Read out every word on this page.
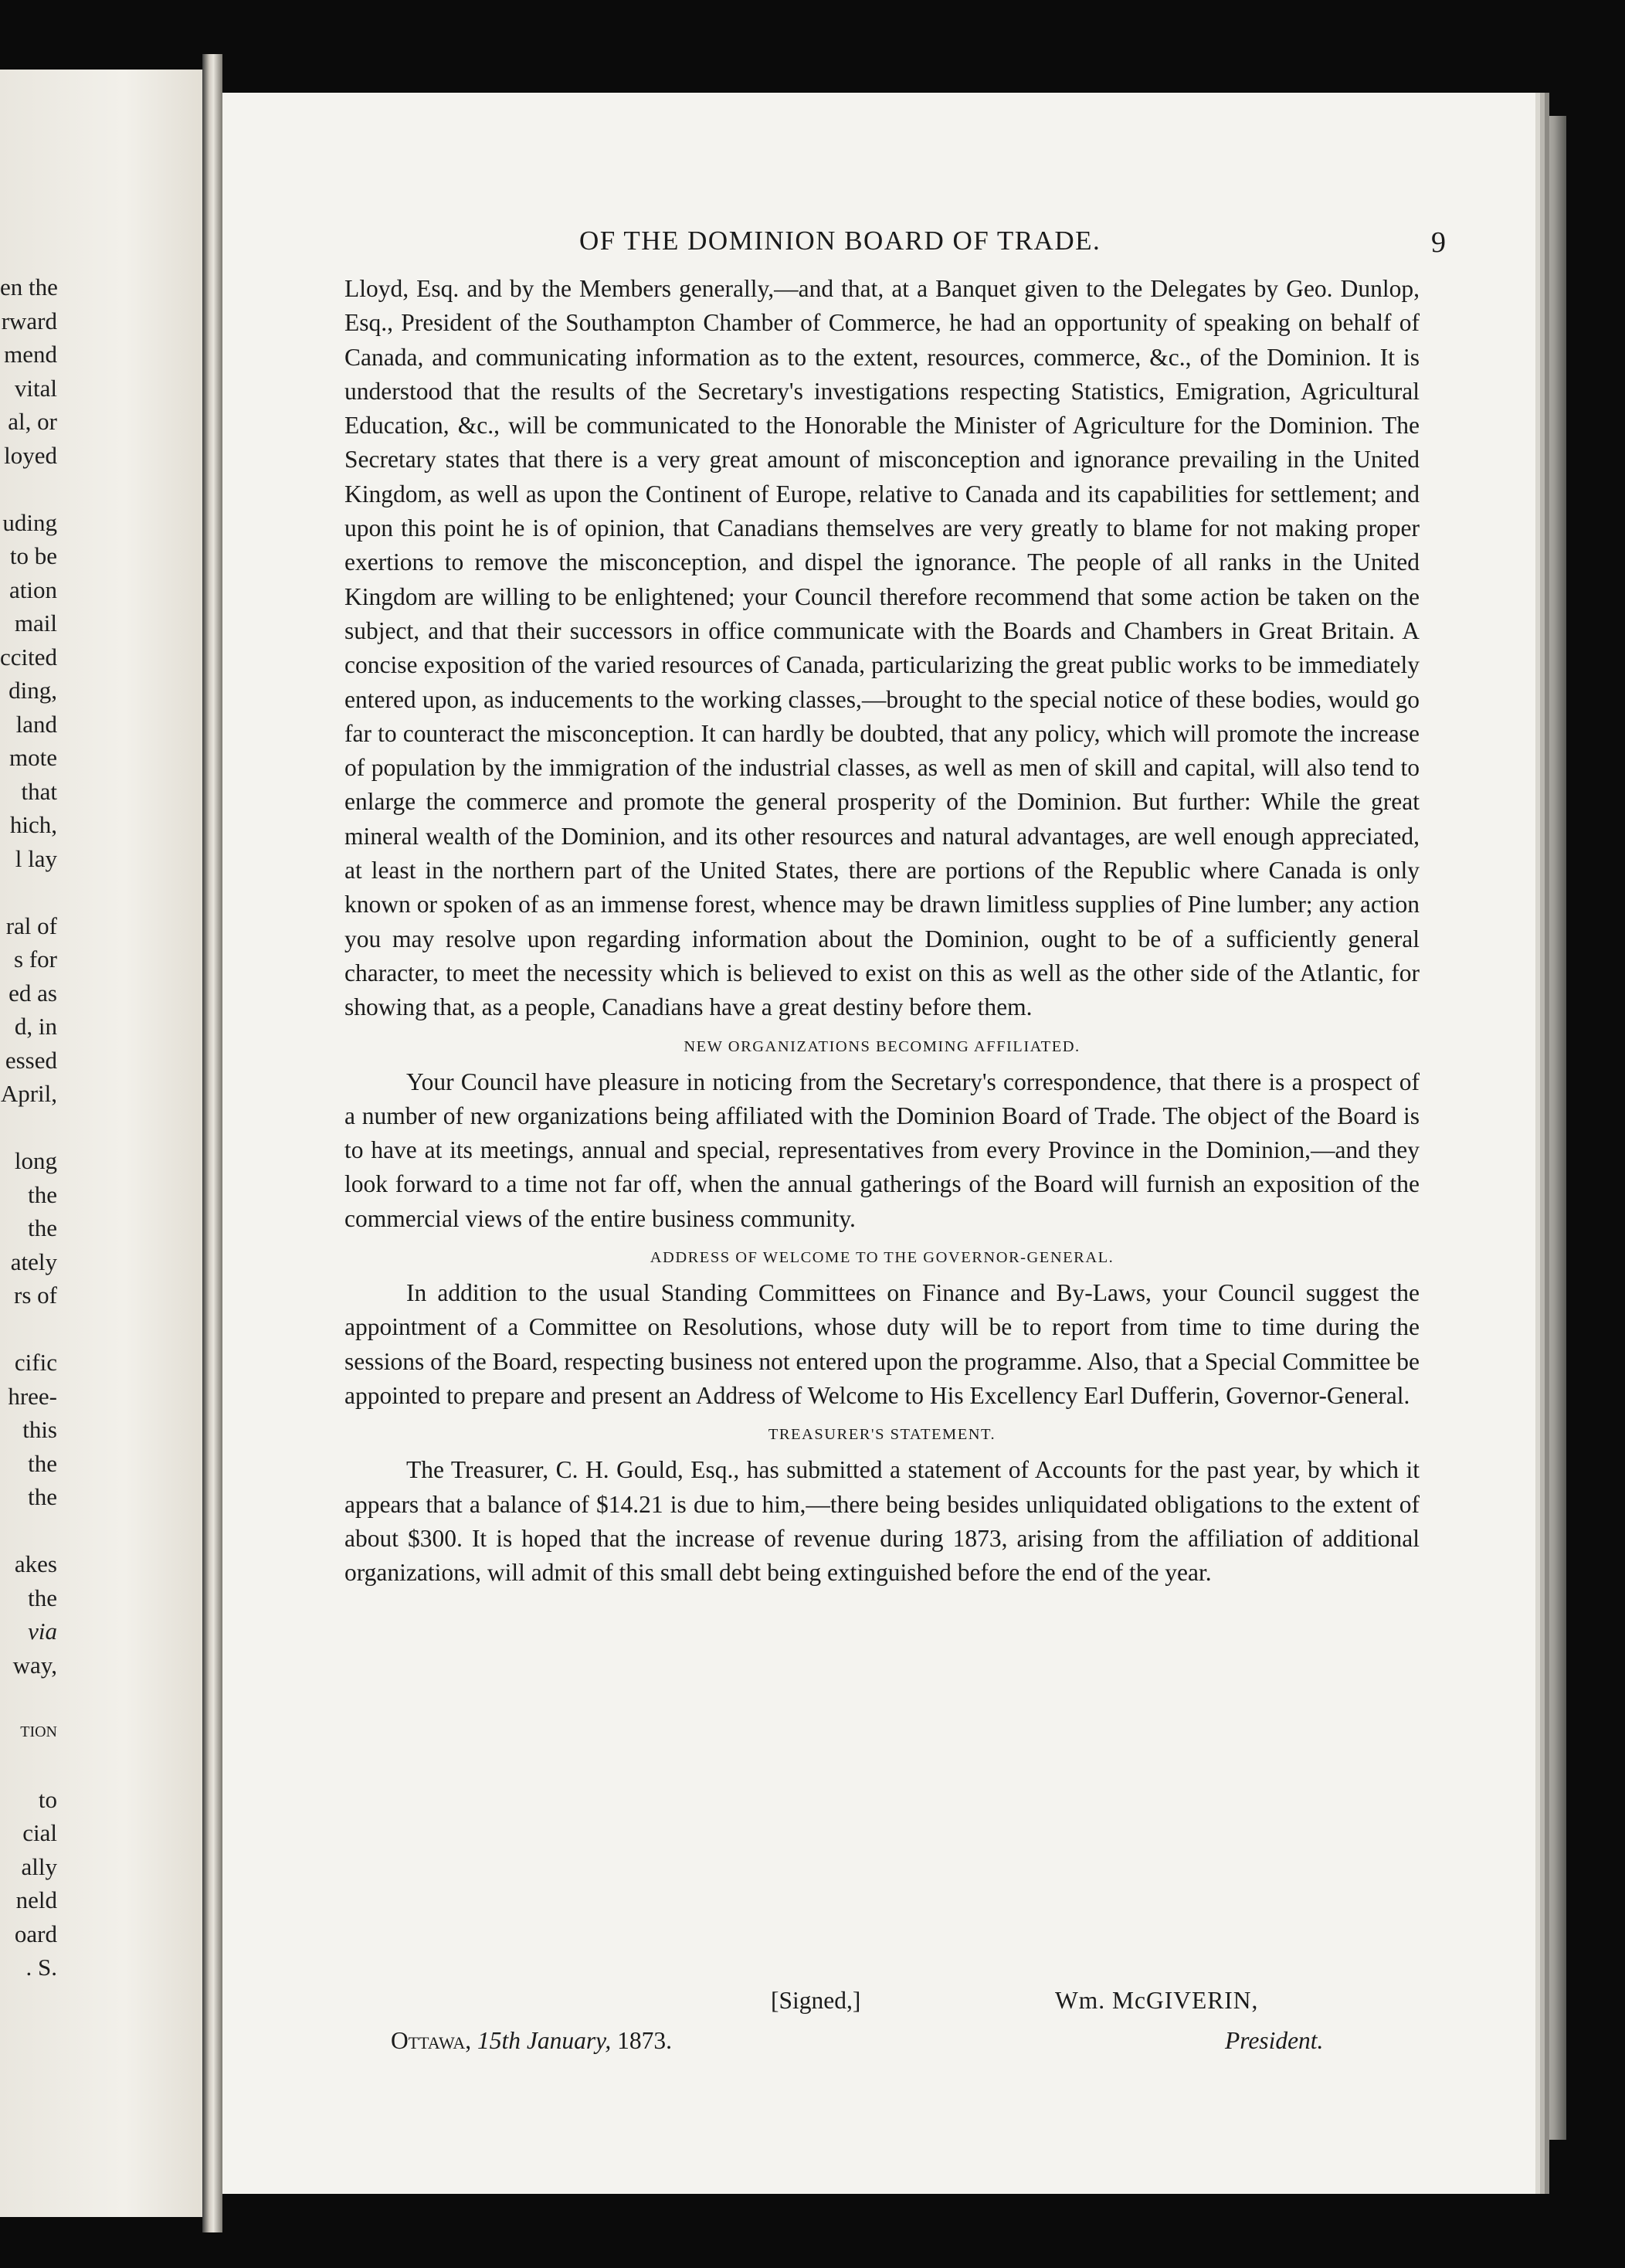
en the
rward
mend
vital
al, or
loyed
uding
to be
ation
mail
ccited
ding,
land
mote
that
hich,
l lay
ral of
s for
ed as
d, in
essed
April,
long
the
the
ately
rs of
cific
hree-
this
the
the
akes
the
via
way,
TION
to
cial
ally
neld
oard
. S.
OF THE DOMINION BOARD OF TRADE.	9

Lloyd, Esq. and by the Members generally,—and that, at a Banquet given to the Delegates by Geo. Dunlop, Esq., President of the Southampton Chamber of Commerce, he had an opportunity of speaking on behalf of Canada, and communicating information as to the extent, resources, commerce, &c., of the Dominion. It is understood that the results of the Secretary's investigations respecting Statistics, Emigration, Agricultural Education, &c., will be communicated to the Honorable the Minister of Agriculture for the Dominion. The Secretary states that there is a very great amount of misconception and ignorance prevailing in the United Kingdom, as well as upon the Continent of Europe, relative to Canada and its capabilities for settlement; and upon this point he is of opinion, that Canadians themselves are very greatly to blame for not making proper exertions to remove the misconception, and dispel the ignorance. The people of all ranks in the United Kingdom are willing to be enlightened; your Council therefore recommend that some action be taken on the subject, and that their successors in office communicate with the Boards and Chambers in Great Britain. A concise exposition of the varied resources of Canada, particularizing the great public works to be immediately entered upon, as inducements to the working classes,—brought to the special notice of these bodies, would go far to counteract the misconception. It can hardly be doubted, that any policy, which will promote the increase of population by the immigration of the industrial classes, as well as men of skill and capital, will also tend to enlarge the commerce and promote the general prosperity of the Dominion. But further: While the great mineral wealth of the Dominion, and its other resources and natural advantages, are well enough appreciated, at least in the northern part of the United States, there are portions of the Republic where Canada is only known or spoken of as an immense forest, whence may be drawn limitless supplies of Pine lumber; any action you may resolve upon regarding information about the Dominion, ought to be of a sufficiently general character, to meet the necessity which is believed to exist on this as well as the other side of the Atlantic, for showing that, as a people, Canadians have a great destiny before them.

NEW ORGANIZATIONS BECOMING AFFILIATED.

Your Council have pleasure in noticing from the Secretary's correspondence, that there is a prospect of a number of new organizations being affiliated with the Dominion Board of Trade. The object of the Board is to have at its meetings, annual and special, representatives from every Province in the Dominion,—and they look forward to a time not far off, when the annual gatherings of the Board will furnish an exposition of the commercial views of the entire business community.

ADDRESS OF WELCOME TO THE GOVERNOR-GENERAL.

In addition to the usual Standing Committees on Finance and By-Laws, your Council suggest the appointment of a Committee on Resolutions, whose duty will be to report from time to time during the sessions of the Board, respecting business not entered upon the programme. Also, that a Special Committee be appointed to prepare and present an Address of Welcome to His Excellency Earl Dufferin, Governor-General.

TREASURER'S STATEMENT.

The Treasurer, C. H. Gould, Esq., has submitted a statement of Accounts for the past year, by which it appears that a balance of $14.21 is due to him,—there being besides unliquidated obligations to the extent of about $300. It is hoped that the increase of revenue during 1873, arising from the affiliation of additional organizations, will admit of this small debt being extinguished before the end of the year.

[Signed,]	Wm. McGIVERIN,
Ottawa, 15th January, 1873.	President.
